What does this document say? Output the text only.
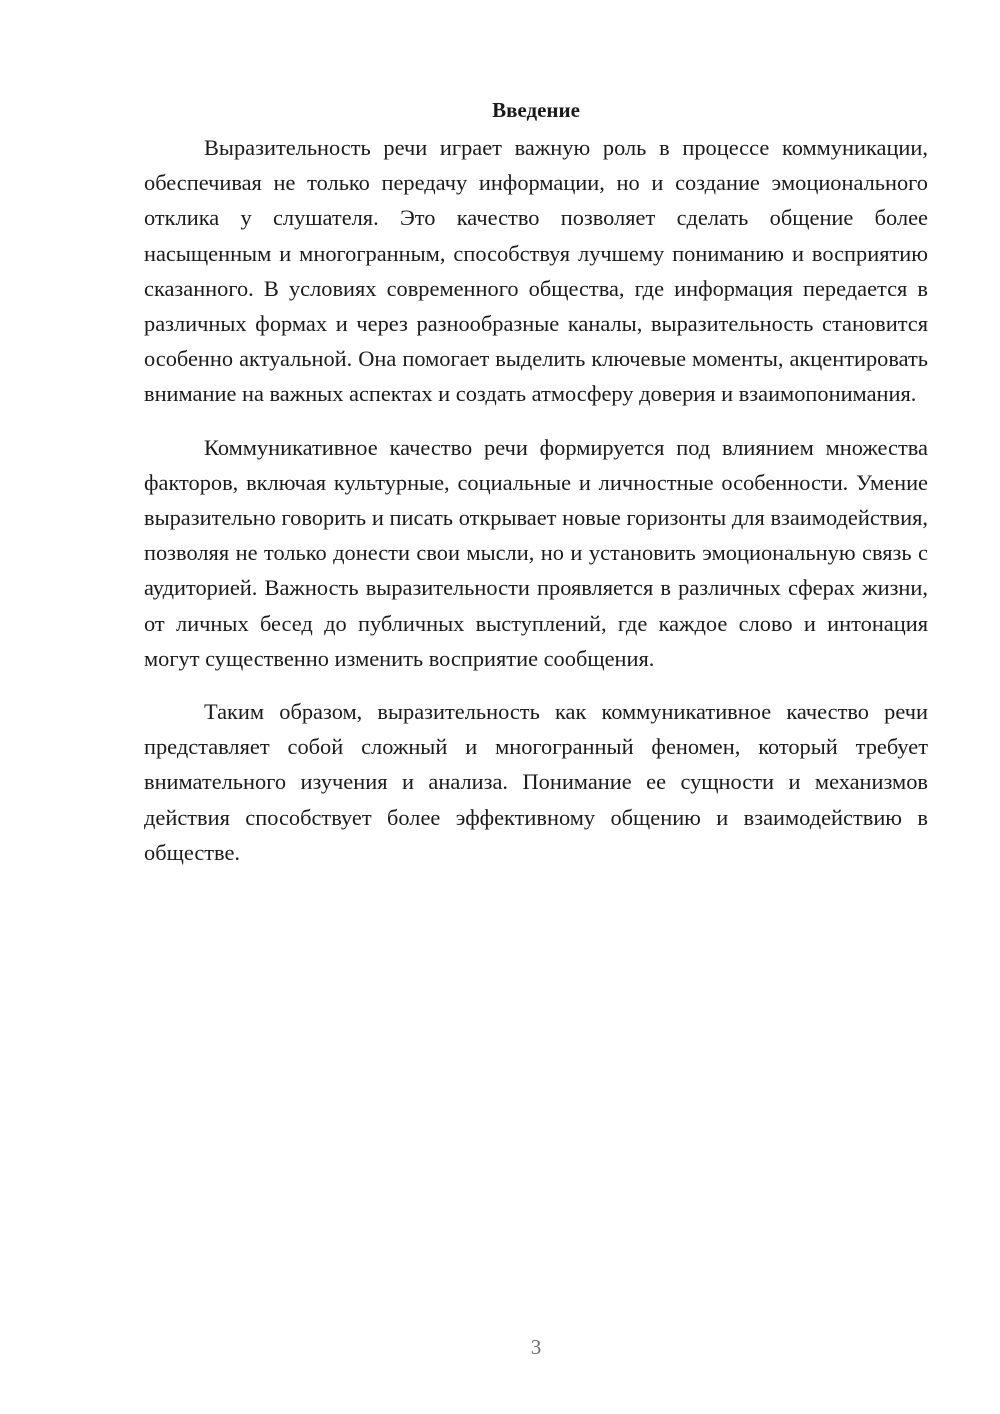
Введение

Выразительность речи играет важную роль в процессе коммуникации, обеспечивая не только передачу информации, но и создание эмоционального отклика у слушателя. Это качество позволяет сделать общение более насыщенным и многогранным, способствуя лучшему пониманию и восприятию сказанного. В условиях современного общества, где информация передается в различных формах и через разнообразные каналы, выразительность становится особенно актуальной. Она помогает выделить ключевые моменты, акцентировать внимание на важных аспектах и создать атмосферу доверия и взаимопонимания.

Коммуникативное качество речи формируется под влиянием множества факторов, включая культурные, социальные и личностные особенности. Умение выразительно говорить и писать открывает новые горизонты для взаимодействия, позволяя не только донести свои мысли, но и установить эмоциональную связь с аудиторией. Важность выразительности проявляется в различных сферах жизни, от личных бесед до публичных выступлений, где каждое слово и интонация могут существенно изменить восприятие сообщения.

Таким образом, выразительность как коммуникативное качество речи представляет собой сложный и многогранный феномен, который требует внимательного изучения и анализа. Понимание ее сущности и механизмов действия способствует более эффективному общению и взаимодействию в обществе.

3
